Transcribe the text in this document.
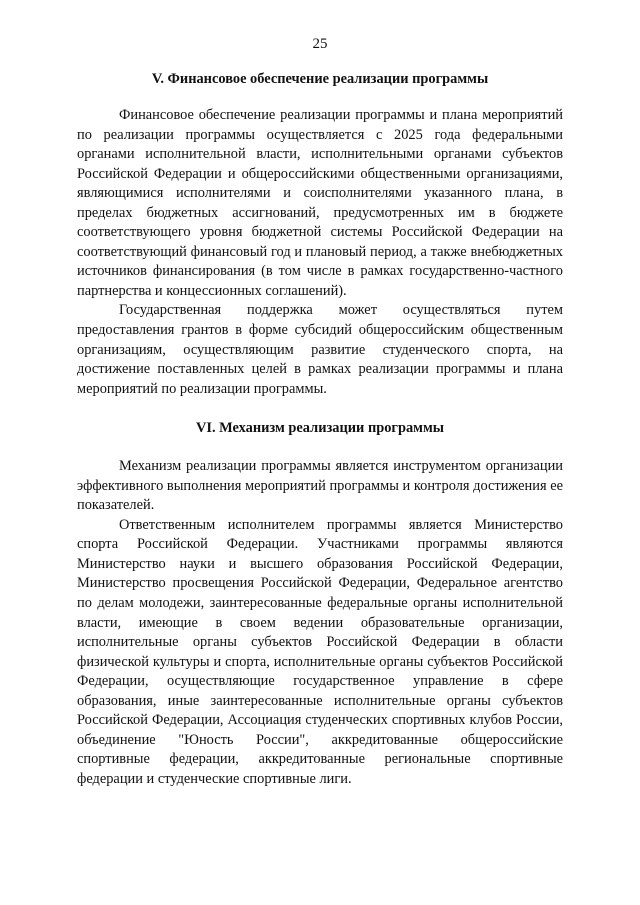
25
V. Финансовое обеспечение реализации программы

Финансовое обеспечение реализации программы и плана мероприятий по реализации программы осуществляется с 2025 года федеральными органами исполнительной власти, исполнительными органами субъектов Российской Федерации и общероссийскими общественными организациями, являющимися исполнителями и соисполнителями указанного плана, в пределах бюджетных ассигнований, предусмотренных им в бюджете соответствующего уровня бюджетной системы Российской Федерации на соответствующий финансовый год и плановый период, а также внебюджетных источников финансирования (в том числе в рамках государственно-частного партнерства и концессионных соглашений).

Государственная поддержка может осуществляться путем предоставления грантов в форме субсидий общероссийским общественным организациям, осуществляющим развитие студенческого спорта, на достижение поставленных целей в рамках реализации программы и плана мероприятий по реализации программы.

VI. Механизм реализации программы

Механизм реализации программы является инструментом организации эффективного выполнения мероприятий программы и контроля достижения ее показателей.

Ответственным исполнителем программы является Министерство спорта Российской Федерации. Участниками программы являются Министерство науки и высшего образования Российской Федерации, Министерство просвещения Российской Федерации, Федеральное агентство по делам молодежи, заинтересованные федеральные органы исполнительной власти, имеющие в своем ведении образовательные организации, исполнительные органы субъектов Российской Федерации в области физической культуры и спорта, исполнительные органы субъектов Российской Федерации, осуществляющие государственное управление в сфере образования, иные заинтересованные исполнительные органы субъектов Российской Федерации, Ассоциация студенческих спортивных клубов России, объединение "Юность России", аккредитованные общероссийские спортивные федерации, аккредитованные региональные спортивные федерации и студенческие спортивные лиги.
